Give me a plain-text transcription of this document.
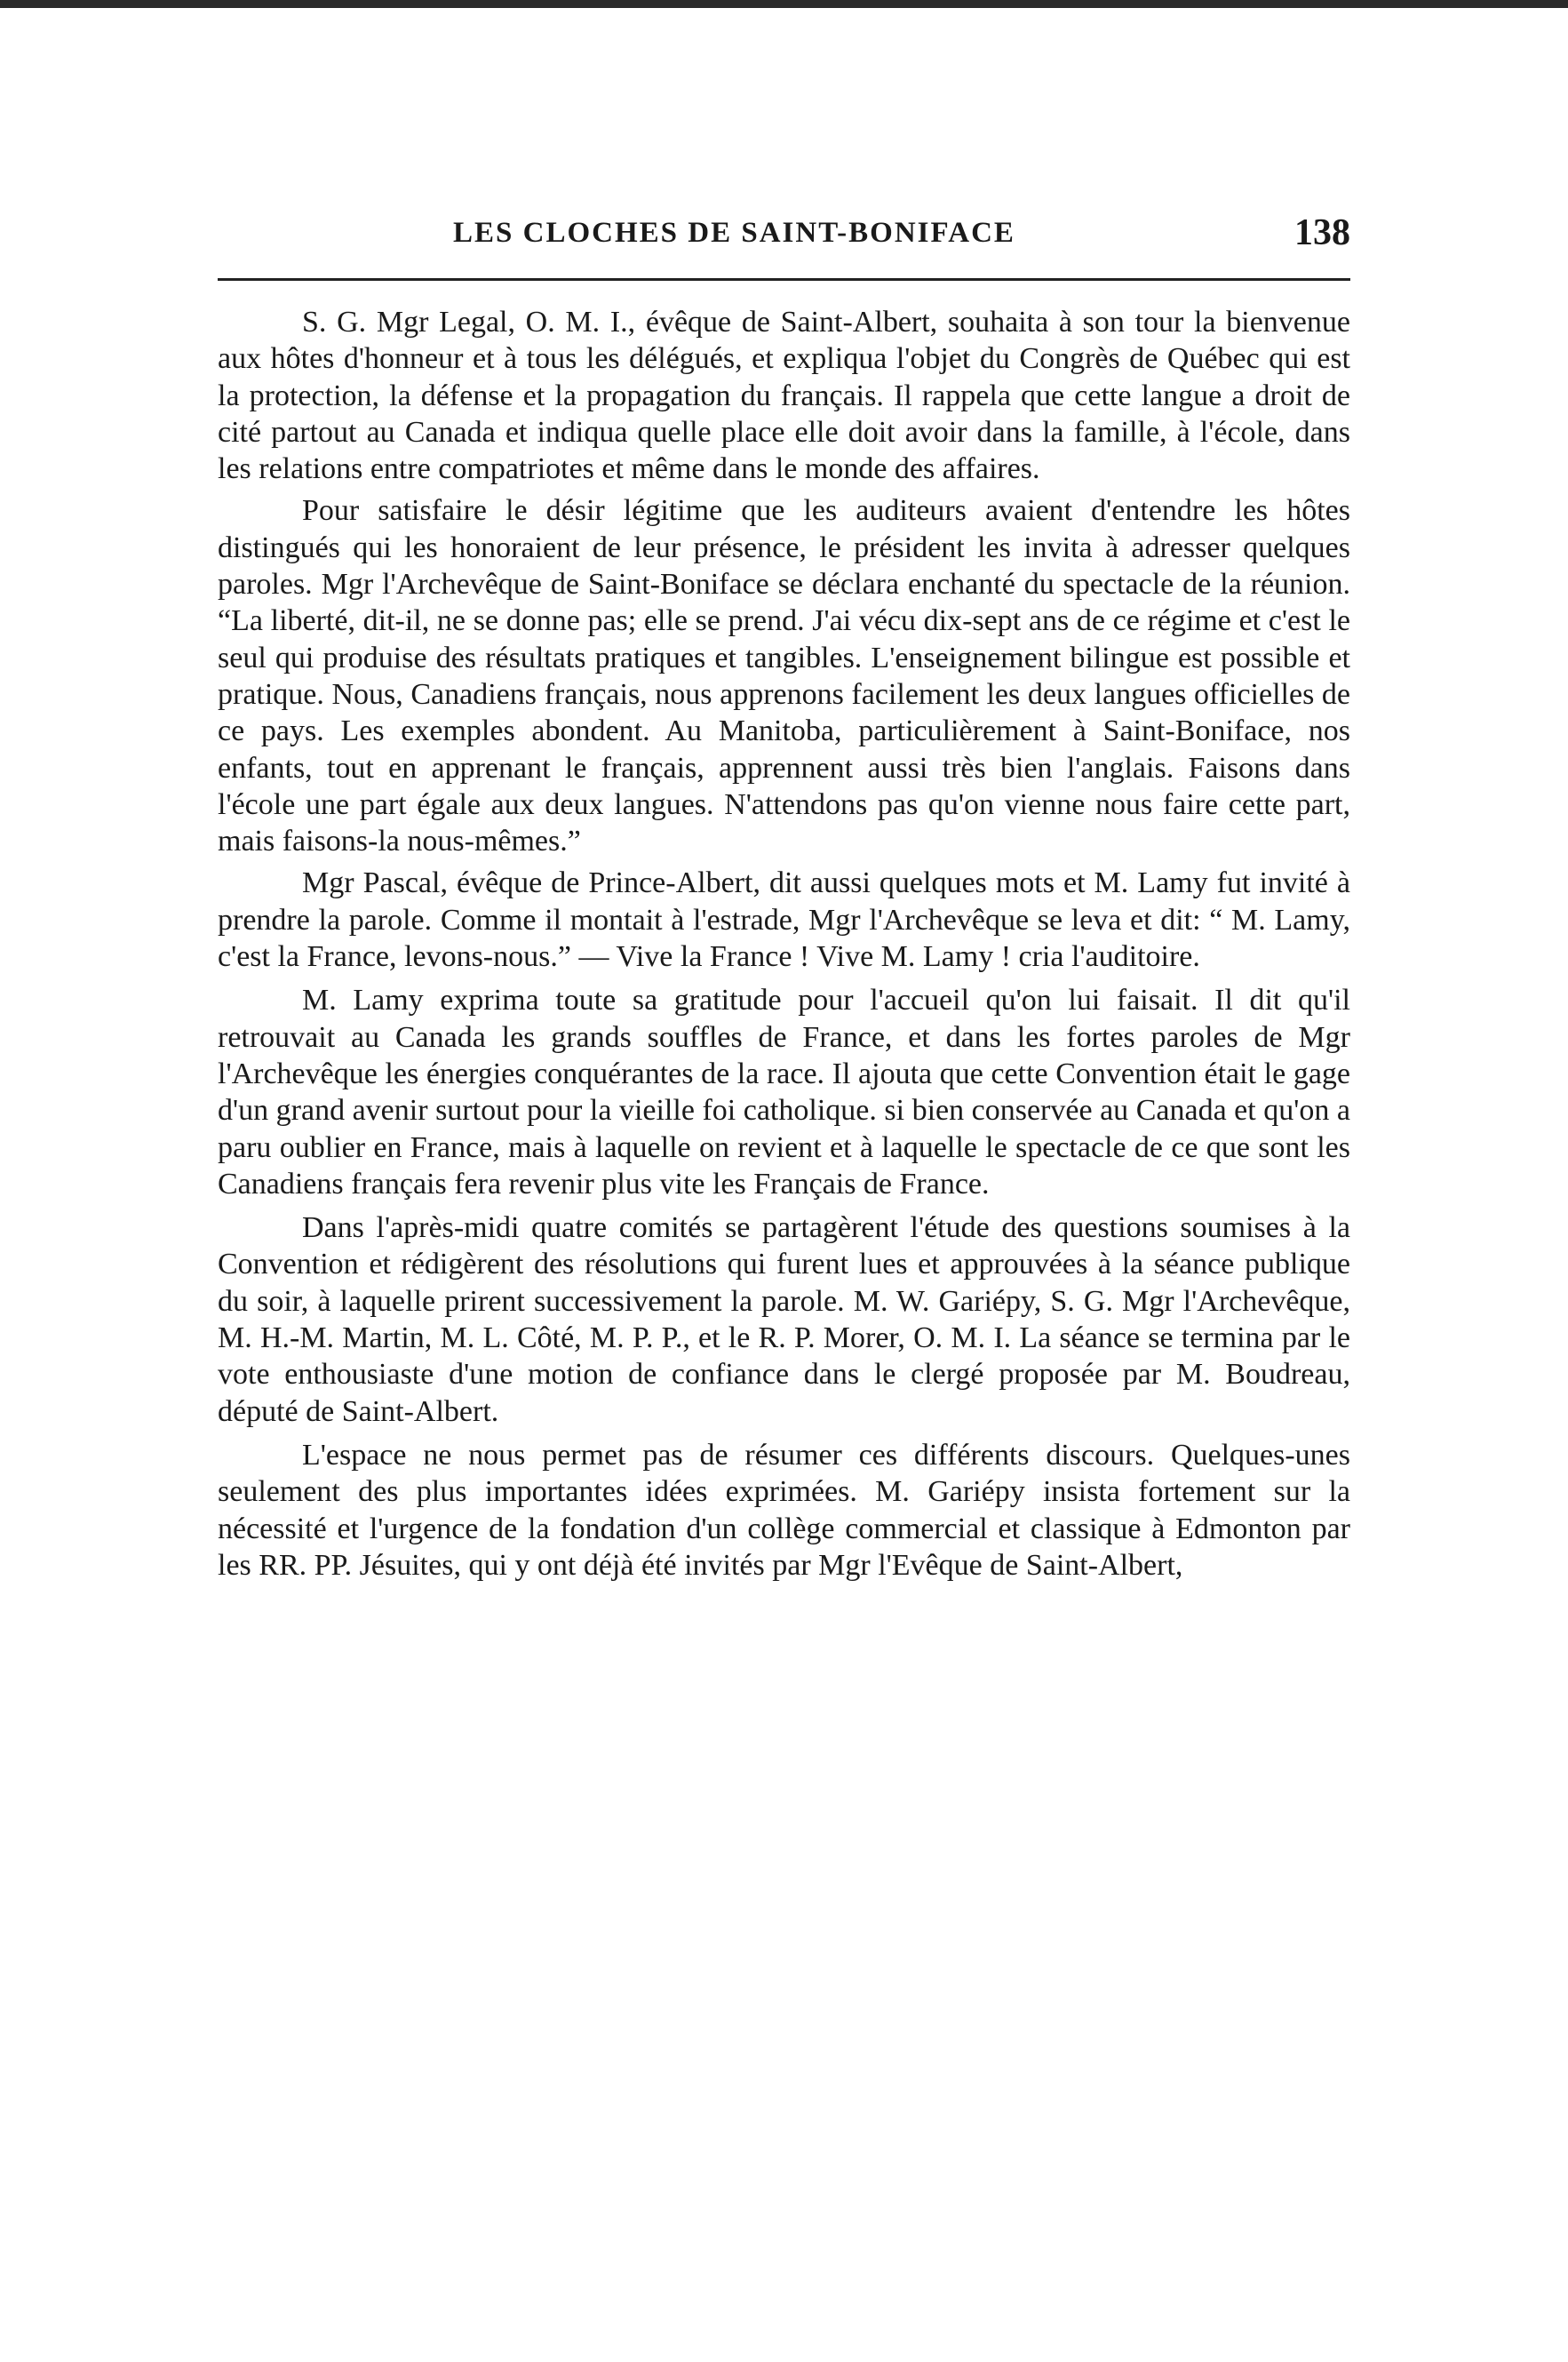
LES CLOCHES DE SAINT-BONIFACE	138

S. G. Mgr Legal, O. M. I., évêque de Saint-Albert, souhaita à son tour la bienvenue aux hôtes d'honneur et à tous les délégués, et expliqua l'objet du Congrès de Québec qui est la protection, la défense et la propagation du français. Il rappela que cette langue a droit de cité partout au Canada et indiqua quelle place elle doit avoir dans la famille, à l'école, dans les relations entre compatriotes et même dans le monde des affaires.

Pour satisfaire le désir légitime que les auditeurs avaient d'entendre les hôtes distingués qui les honoraient de leur présence, le président les invita à adresser quelques paroles. Mgr l'Archevêque de Saint-Boniface se déclara enchanté du spectacle de la réunion. “La liberté, dit-il, ne se donne pas; elle se prend. J'ai vécu dix-sept ans de ce régime et c'est le seul qui produise des résultats pratiques et tangibles. L'enseignement bilingue est possible et pratique. Nous, Canadiens français, nous apprenons facilement les deux langues officielles de ce pays. Les exemples abondent. Au Manitoba, particulièrement à Saint-Boniface, nos enfants, tout en apprenant le français, apprennent aussi très bien l'anglais. Faisons dans l'école une part égale aux deux langues. N'attendons pas qu'on vienne nous faire cette part, mais faisons-la nous-mêmes.”

Mgr Pascal, évêque de Prince-Albert, dit aussi quelques mots et M. Lamy fut invité à prendre la parole. Comme il montait à l'estrade, Mgr l'Archevêque se leva et dit: “ M. Lamy, c'est la France, levons-nous.” — Vive la France ! Vive M. Lamy ! cria l'auditoire.

M. Lamy exprima toute sa gratitude pour l'accueil qu'on lui faisait. Il dit qu'il retrouvait au Canada les grands souffles de France, et dans les fortes paroles de Mgr l'Archevêque les énergies conquérantes de la race. Il ajouta que cette Convention était le gage d'un grand avenir surtout pour la vieille foi catholique. si bien conservée au Canada et qu'on a paru oublier en France, mais à laquelle on revient et à laquelle le spectacle de ce que sont les Canadiens français fera revenir plus vite les Français de France.

Dans l'après-midi quatre comités se partagèrent l'étude des questions soumises à la Convention et rédigèrent des résolutions qui furent lues et approuvées à la séance publique du soir, à laquelle prirent successivement la parole. M. W. Gariépy, S. G. Mgr l'Archevêque, M. H.-M. Martin, M. L. Côté, M. P. P., et le R. P. Morer, O. M. I. La séance se termina par le vote enthousiaste d'une motion de confiance dans le clergé proposée par M. Boudreau, député de Saint-Albert.

L'espace ne nous permet pas de résumer ces différents discours. Quelques-unes seulement des plus importantes idées exprimées. M. Gariépy insista fortement sur la nécessité et l'urgence de la fondation d'un collège commercial et classique à Edmonton par les RR. PP. Jésuites, qui y ont déjà été invités par Mgr l'Evêque de Saint-Albert,
